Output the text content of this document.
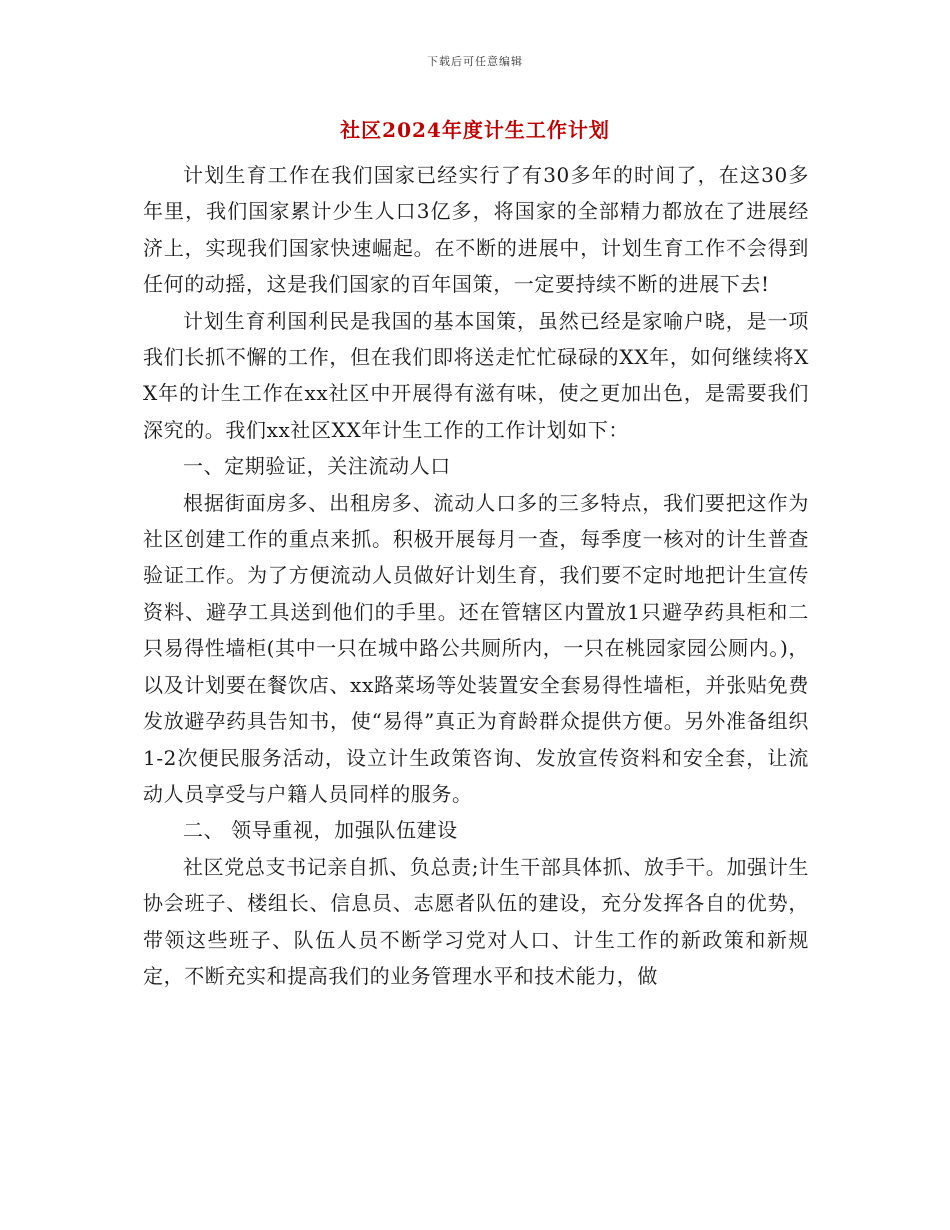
下载后可任意编辑
社区2024年度计生工作计划

计划生育工作在我们国家已经实行了有30多年的时间了，在这30多年里，我们国家累计少生人口3亿多，将国家的全部精力都放在了进展经济上，实现我们国家快速崛起。在不断的进展中，计划生育工作不会得到任何的动摇，这是我们国家的百年国策，一定要持续不断的进展下去!

计划生育利国利民是我国的基本国策，虽然已经是家喻户晓，是一项我们长抓不懈的工作，但在我们即将送走忙忙碌碌的XX年，如何继续将XX年的计生工作在xx社区中开展得有滋有味，使之更加出色，是需要我们深究的。我们xx社区XX年计生工作的工作计划如下：

一、定期验证，关注流动人口

根据街面房多、出租房多、流动人口多的三多特点，我们要把这作为社区创建工作的重点来抓。积极开展每月一查，每季度一核对的计生普查验证工作。为了方便流动人员做好计划生育，我们要不定时地把计生宣传资料、避孕工具送到他们的手里。还在管辖区内置放1只避孕药具柜和二只易得性墙柜(其中一只在城中路公共厕所内，一只在桃园家园公厕内。)，以及计划要在餐饮店、xx路菜场等处装置安全套易得性墙柜，并张贴免费发放避孕药具告知书，使“易得”真正为育龄群众提供方便。另外准备组织1-2次便民服务活动，设立计生政策咨询、发放宣传资料和安全套，让流动人员享受与户籍人员同样的服务。

二、 领导重视，加强队伍建设

社区党总支书记亲自抓、负总责;计生干部具体抓、放手干。加强计生协会班子、楼组长、信息员、志愿者队伍的建设，充分发挥各自的优势，带领这些班子、队伍人员不断学习党对人口、计生工作的新政策和新规定，不断充实和提高我们的业务管理水平和技术能力，做
